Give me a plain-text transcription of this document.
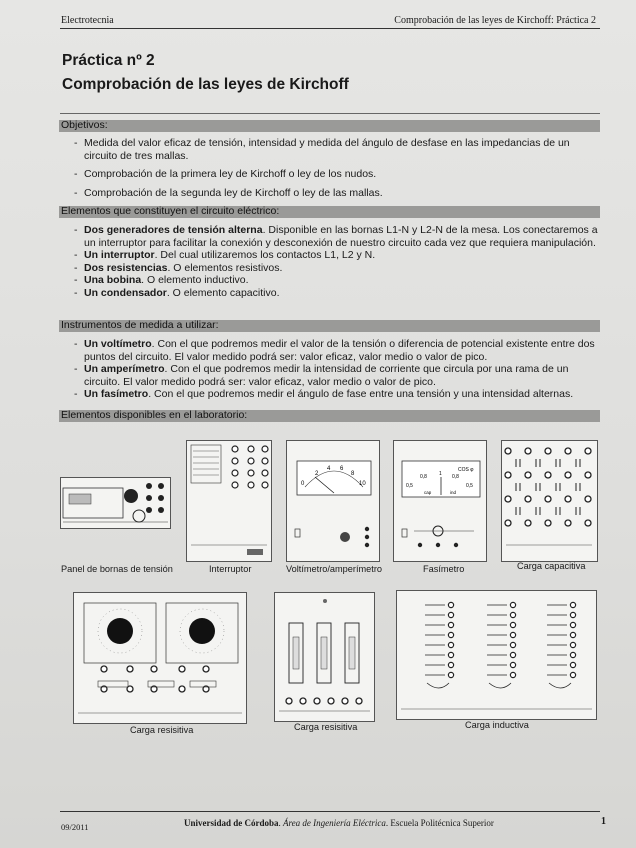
Electrotecnia	Comprobación de las leyes de Kirchoff: Práctica 2
Práctica nº 2
Comprobación de las leyes de Kirchoff
Objetivos:
- Medida del valor eficaz de tensión, intensidad y medida del ángulo de desfase en las impedancias de un circuito de tres mallas.
- Comprobación de la primera ley de Kirchoff o ley de los nudos.
- Comprobación de la segunda ley de Kirchoff o ley de las mallas.
Elementos que constituyen el circuito eléctrico:
- Dos generadores de tensión alterna. Disponible en las bornas L1-N y L2-N de la mesa. Los conectaremos a un interruptor para facilitar la conexión y desconexión de nuestro circuito cada vez que requiera manipulación.
- Un interruptor. Del cual utilizaremos los contactos L1, L2 y N.
- Dos resistencias. O elementos resistivos.
- Una bobina. O elemento inductivo.
- Un condensador. O elemento capacitivo.
Instrumentos de medida a utilizar:
- Un voltímetro. Con el que podremos medir el valor de la tensión o diferencia de potencial existente entre dos puntos del circuito. El valor medido podrá ser: valor eficaz, valor medio o valor de pico.
- Un amperímetro. Con el que podremos medir la intensidad de corriente que circula por una rama de un circuito. El valor medido podrá ser: valor eficaz, valor medio o valor de pico.
- Un fasímetro. Con el que podremos medir el ángulo de fase entre una tensión y una intensidad alternas.
Elementos disponibles en el laboratorio:
Panel de bornas de tensión	Interruptor
0
2
4 6
8
10
Voltímetro/amperímetro
COS φ
0,5
0,8 1 0,8
0,5
cap	ind
Fasímetro	Carga capacitiva
Carga resisitiva	Carga resisitiva	Carga inductiva
09/2011	Universidad de Córdoba. Área de Ingeniería Eléctrica. Escuela Politécnica Superior	1
